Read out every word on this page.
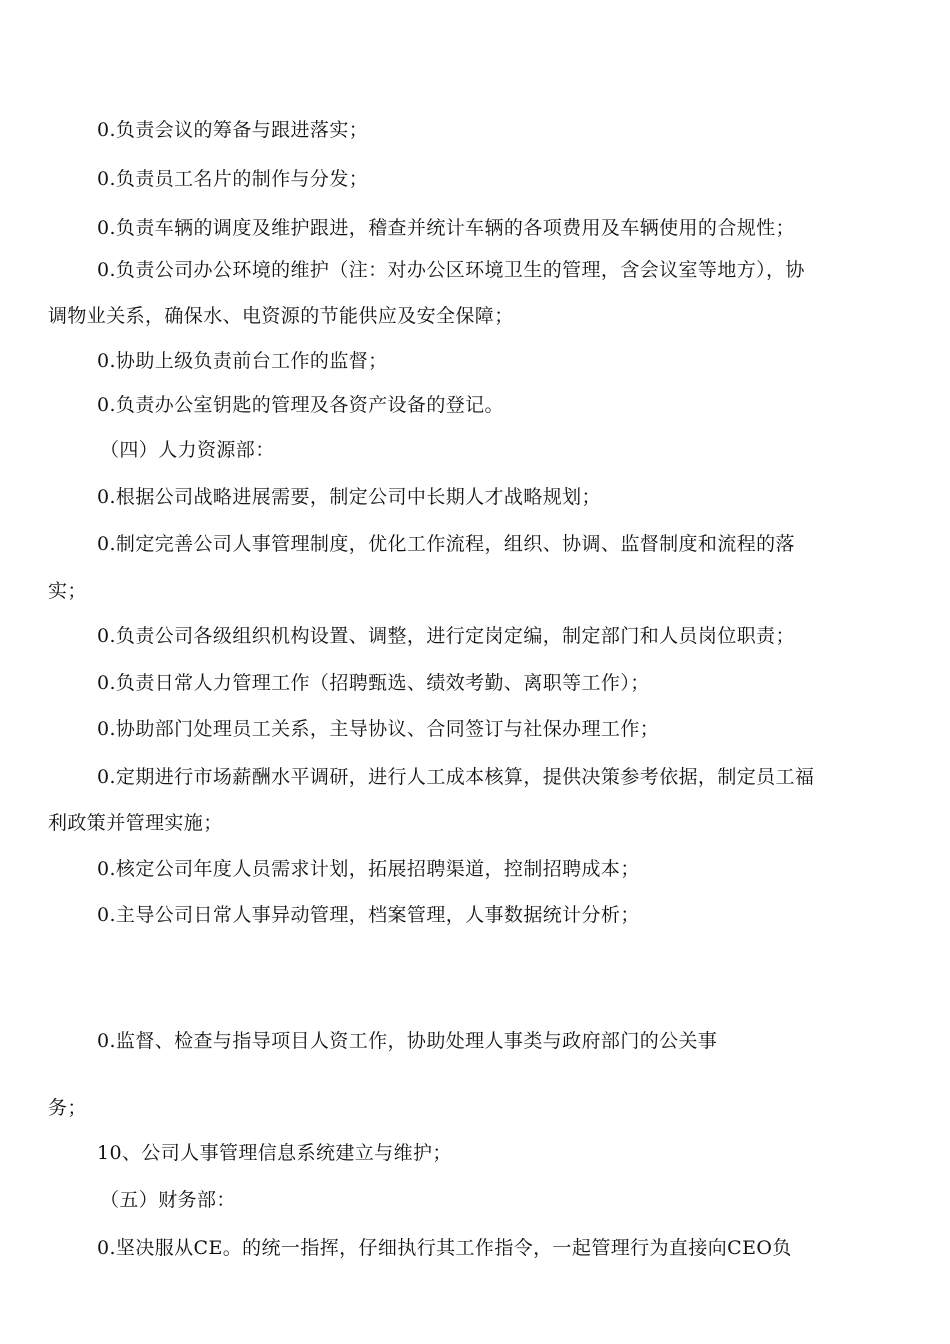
0.负责会议的筹备与跟进落实；
0.负责员工名片的制作与分发；
0.负责车辆的调度及维护跟进，稽查并统计车辆的各项费用及车辆使用的合规性；
0.负责公司办公环境的维护（注：对办公区环境卫生的管理，含会议室等地方），协
调物业关系，确保水、电资源的节能供应及安全保障；
0.协助上级负责前台工作的监督；
0.负责办公室钥匙的管理及各资产设备的登记。
（四）人力资源部：
0.根据公司战略进展需要，制定公司中长期人才战略规划；
0.制定完善公司人事管理制度，优化工作流程，组织、协调、监督制度和流程的落
实；
0.负责公司各级组织机构设置、调整，进行定岗定编，制定部门和人员岗位职责；
0.负责日常人力管理工作（招聘甄选、绩效考勤、离职等工作）；
0.协助部门处理员工关系，主导协议、合同签订与社保办理工作；
0.定期进行市场薪酬水平调研，进行人工成本核算，提供决策参考依据，制定员工福
利政策并管理实施；
0.核定公司年度人员需求计划，拓展招聘渠道，控制招聘成本；
0.主导公司日常人事异动管理，档案管理，人事数据统计分析；
0.监督、检查与指导项目人资工作，协助处理人事类与政府部门的公关事
务；
10、公司人事管理信息系统建立与维护；
（五）财务部：
0.坚决服从CE。的统一指挥，仔细执行其工作指令，一起管理行为直接向CEO负
